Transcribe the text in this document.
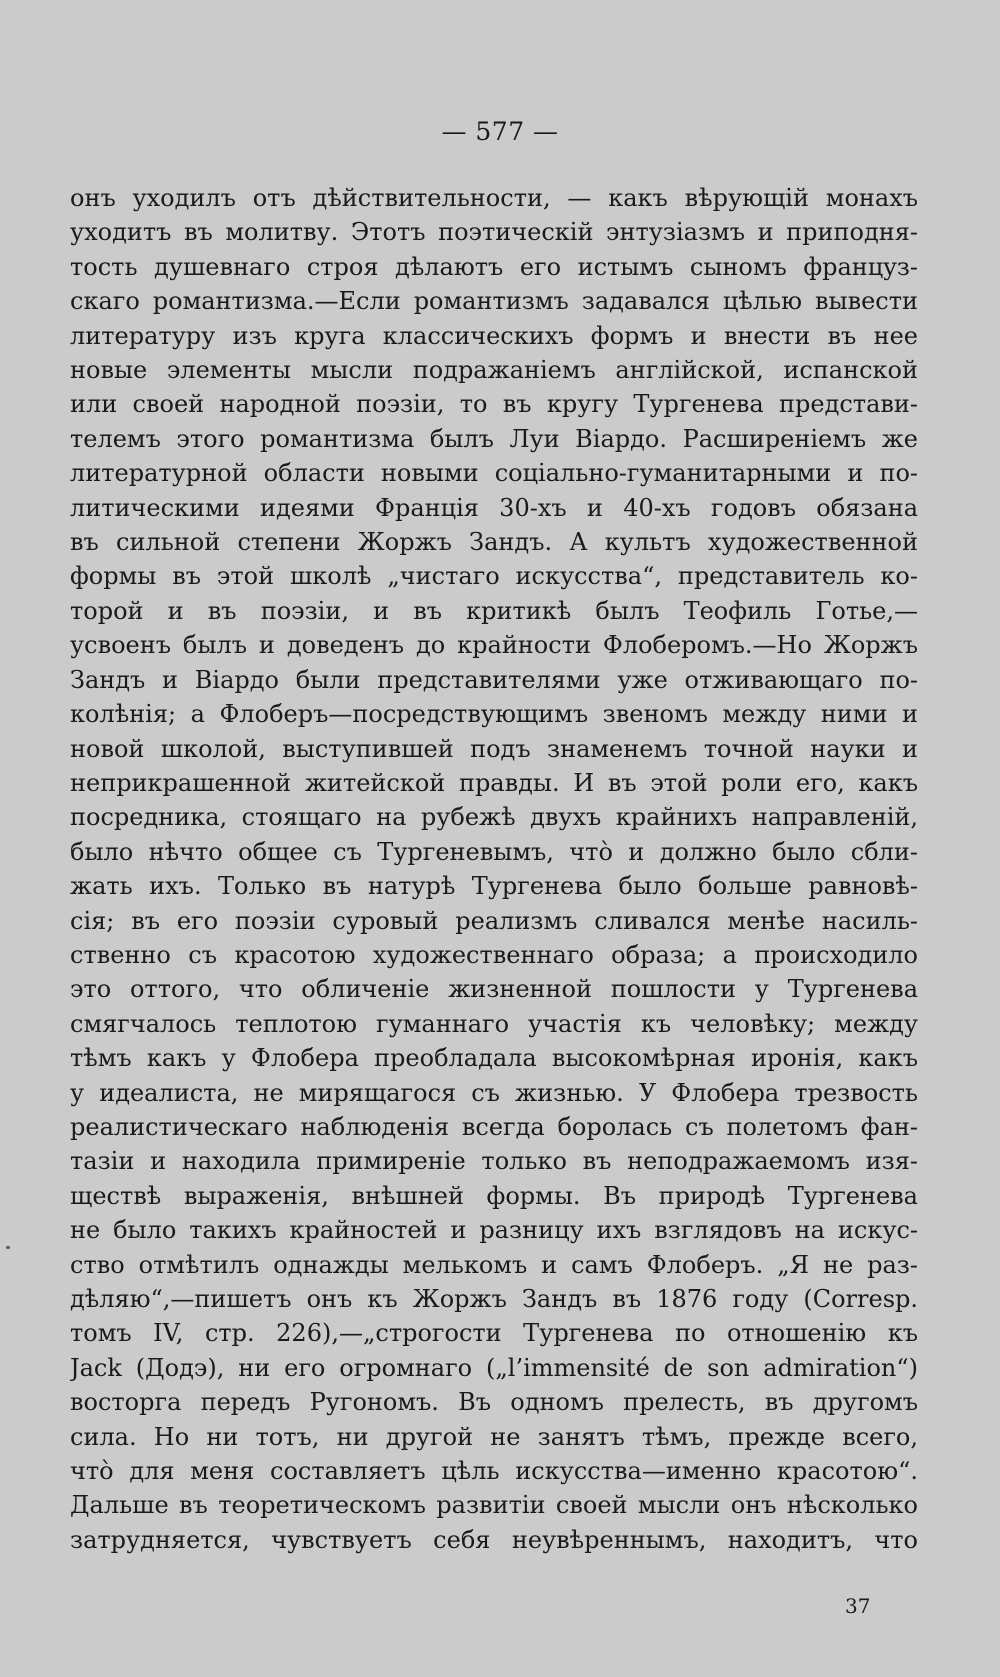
— 577 —
онъ уходилъ отъ дѣйствительности, — какъ вѣрующій монахъ
уходитъ въ молитву. Этотъ поэтическій энтузіазмъ и приподня-
тость душевнаго строя дѣлаютъ его истымъ сыномъ францyз-
скаго романтизма.—Если романтизмъ задавался цѣлью вывести
литературу изъ круга классическихъ формъ и внести въ нее
новые элементы мысли подражаніемъ англійской, испанской
или своей народной поэзіи, то въ кругу Тургенева представи-
телемъ этого романтизма былъ Луи Віардо. Расширеніемъ же
литературной области новыми соціально-гуманитарными и по-
литическими идеями Франція 30-хъ и 40-хъ годовъ обязана
въ сильной степени Жоржъ Зандъ. А культъ художественной
формы въ этой школѣ „чистаго искусства“, представитель ко-
торой и въ поэзіи, и въ критикѣ былъ Теофиль Готье,—
усвоенъ былъ и доведенъ до крайности Флоберомъ.—Но Жоржъ
Зандъ и Віардо были представителями уже отживающаго по-
колѣнія; а Флоберъ—посредствующимъ звеномъ между ними и
новой школой, выступившей подъ знаменемъ точной науки и
неприкрашенной житейской правды. И въ этой роли его, какъ
посредника, стоящаго на рубежѣ двухъ крайнихъ направленій,
было нѣчто общее съ Тургеневымъ, что̀ и должно было сбли-
жать ихъ. Только въ натурѣ Тургенева было больше равновѣ-
сія; въ его поэзіи суровый реализмъ сливался менѣе насиль-
ственно съ красотою художественнаго образа; а происходило
это оттого, что обличеніе жизненной пошлости у Тургенева
смягчалось теплотою гуманнаго участія къ человѣку; между
тѣмъ какъ у Флобера преобладала высокомѣрная иронія, какъ
у идеалиста, не мирящагося съ жизнью. У Флобера трезвость
реалистическаго наблюденія всегда боролась съ полетомъ фан-
тазіи и находила примиреніе только въ неподражаемомъ изя-
ществѣ выраженія, внѣшней формы. Въ природѣ Тургенева
не было такихъ крайностей и разницу ихъ взглядовъ на искус-
ство отмѣтилъ однажды мелькомъ и самъ Флоберъ. „Я не раз-
дѣляю“,—пишетъ онъ къ Жоржъ Зандъ въ 1876 году (Corresp.
томъ IV, стр. 226),—„строгости Тургенева по отношенію къ
Jack (Додэ), ни его огромнаго („l’immensité de son admiration“)
восторга передъ Ругономъ. Въ одномъ прелесть, въ другомъ
сила. Но ни тотъ, ни другой не занятъ тѣмъ, прежде всего,
что̀ для меня составляетъ цѣль искусства—именно красотою“.
Дальше въ теоретическомъ развитіи своей мысли онъ нѣсколько
затрудняется, чувствуетъ себя неувѣреннымъ, находитъ, что
37
